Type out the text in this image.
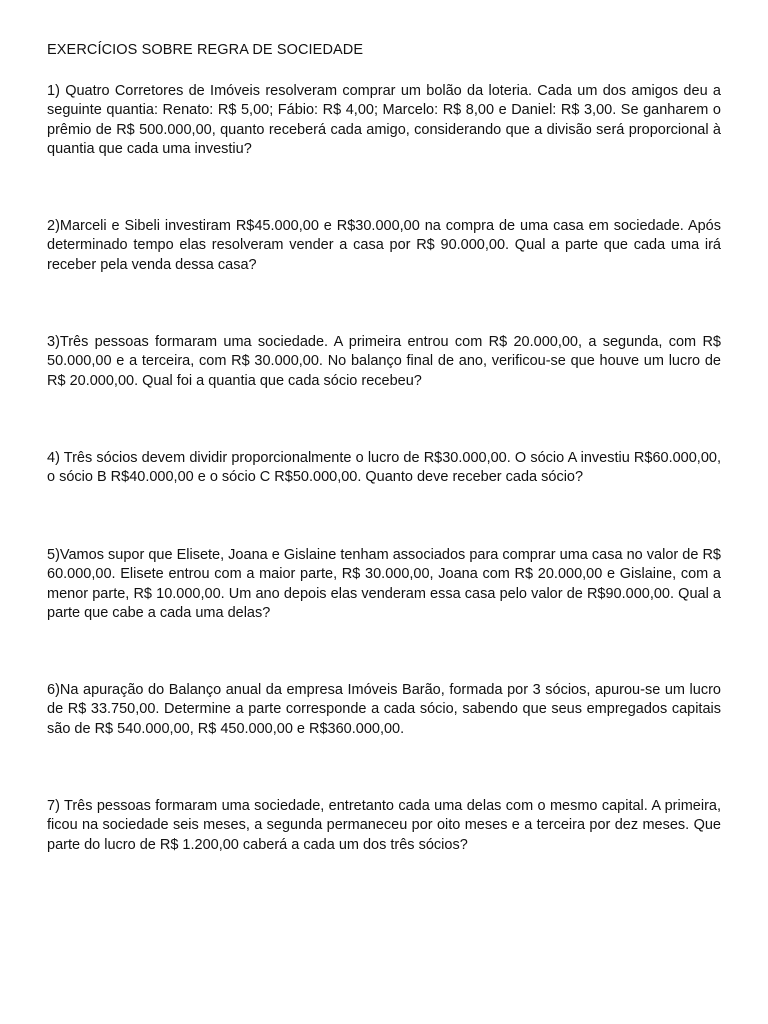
EXERCÍCIOS SOBRE REGRA DE SOCIEDADE

1) Quatro Corretores de Imóveis resolveram comprar um bolão da loteria. Cada um dos amigos deu a seguinte quantia: Renato: R$ 5,00; Fábio: R$ 4,00; Marcelo: R$ 8,00 e Daniel: R$ 3,00. Se ganharem o prêmio de R$ 500.000,00, quanto receberá cada amigo, considerando que a divisão será proporcional à quantia que cada uma investiu?

2)Marceli e Sibeli investiram R$45.000,00 e R$30.000,00 na compra de uma casa em sociedade. Após determinado tempo elas resolveram vender a casa por R$ 90.000,00. Qual a parte que cada uma irá receber pela venda dessa casa?

3)Três pessoas formaram uma sociedade. A primeira entrou com R$ 20.000,00, a segunda, com R$ 50.000,00 e a terceira, com R$ 30.000,00. No balanço final de ano, verificou-se que houve um lucro de R$ 20.000,00. Qual foi a quantia que cada sócio recebeu?

4) Três sócios devem dividir proporcionalmente o lucro de R$30.000,00. O sócio A investiu R$60.000,00, o sócio B R$40.000,00 e o sócio C R$50.000,00. Quanto deve receber cada sócio?

5)Vamos supor que Elisete, Joana e Gislaine tenham associados para comprar uma casa no valor de R$ 60.000,00. Elisete entrou com a maior parte, R$ 30.000,00, Joana com R$ 20.000,00 e Gislaine, com a menor parte, R$ 10.000,00. Um ano depois elas venderam essa casa pelo valor de R$90.000,00. Qual a parte que cabe a cada uma delas?

6)Na apuração do Balanço anual da empresa Imóveis Barão, formada por 3 sócios, apurou-se um lucro de R$ 33.750,00. Determine a parte corresponde a cada sócio, sabendo que seus empregados capitais são de R$ 540.000,00, R$ 450.000,00 e R$360.000,00.

7) Três pessoas formaram uma sociedade, entretanto cada uma delas com o mesmo capital. A primeira, ficou na sociedade seis meses, a segunda permaneceu por oito meses e a terceira por dez meses. Que parte do lucro de R$ 1.200,00 caberá a cada um dos três sócios?
